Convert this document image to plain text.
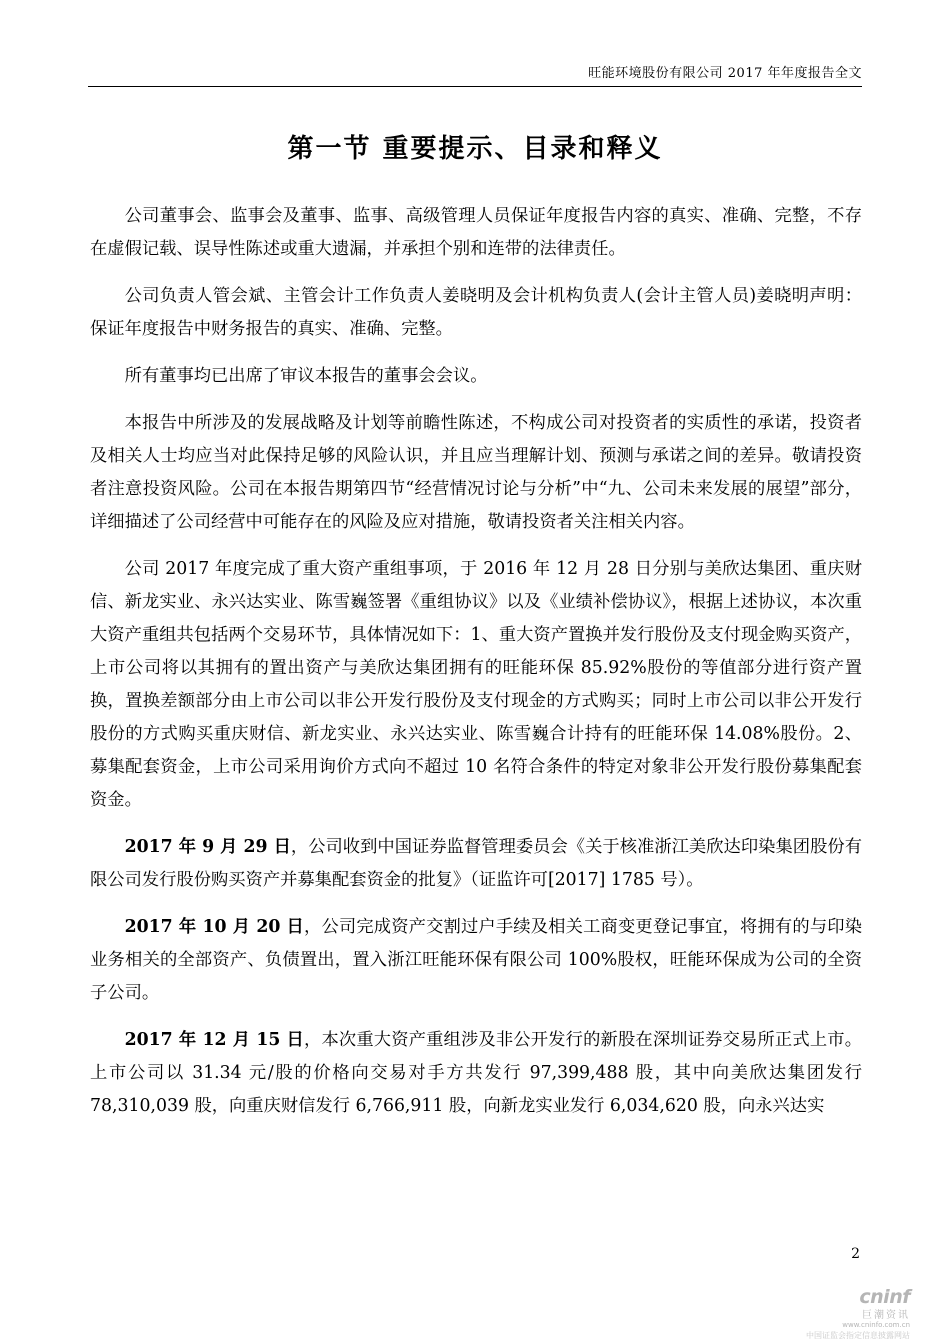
旺能环境股份有限公司 2017 年年度报告全文
第一节 重要提示、目录和释义

公司董事会、监事会及董事、监事、高级管理人员保证年度报告内容的真实、准确、完整，不存在虚假记载、误导性陈述或重大遗漏，并承担个别和连带的法律责任。

公司负责人管会斌、主管会计工作负责人姜晓明及会计机构负责人(会计主管人员)姜晓明声明：保证年度报告中财务报告的真实、准确、完整。

所有董事均已出席了审议本报告的董事会会议。

本报告中所涉及的发展战略及计划等前瞻性陈述，不构成公司对投资者的实质性的承诺，投资者及相关人士均应当对此保持足够的风险认识，并且应当理解计划、预测与承诺之间的差异。敬请投资者注意投资风险。公司在本报告期第四节“经营情况讨论与分析”中“九、公司未来发展的展望”部分，详细描述了公司经营中可能存在的风险及应对措施，敬请投资者关注相关内容。

公司 2017 年度完成了重大资产重组事项，于 2016 年 12 月 28 日分别与美欣达集团、重庆财信、新龙实业、永兴达实业、陈雪巍签署《重组协议》以及《业绩补偿协议》，根据上述协议，本次重大资产重组共包括两个交易环节，具体情况如下：1、重大资产置换并发行股份及支付现金购买资产，上市公司将以其拥有的置出资产与美欣达集团拥有的旺能环保 85.92%股份的等值部分进行资产置换，置换差额部分由上市公司以非公开发行股份及支付现金的方式购买；同时上市公司以非公开发行股份的方式购买重庆财信、新龙实业、永兴达实业、陈雪巍合计持有的旺能环保 14.08%股份。2、募集配套资金，上市公司采用询价方式向不超过 10 名符合条件的特定对象非公开发行股份募集配套资金。

2017 年 9 月 29 日，公司收到中国证券监督管理委员会《关于核准浙江美欣达印染集团股份有限公司发行股份购买资产并募集配套资金的批复》（证监许可[2017] 1785 号）。

2017 年 10 月 20 日，公司完成资产交割过户手续及相关工商变更登记事宜，将拥有的与印染业务相关的全部资产、负债置出，置入浙江旺能环保有限公司 100%股权，旺能环保成为公司的全资子公司。

2017 年 12 月 15 日，本次重大资产重组涉及非公开发行的新股在深圳证券交易所正式上市。上市公司以 31.34 元/股的价格向交易对手方共发行 97,399,488 股，其中向美欣达集团发行 78,310,039 股，向重庆财信发行 6,766,911 股，向新龙实业发行 6,034,620 股，向永兴达实

2
cninf
巨潮资讯
www.cninfo.com.cn
中国证监会指定信息披露网站
